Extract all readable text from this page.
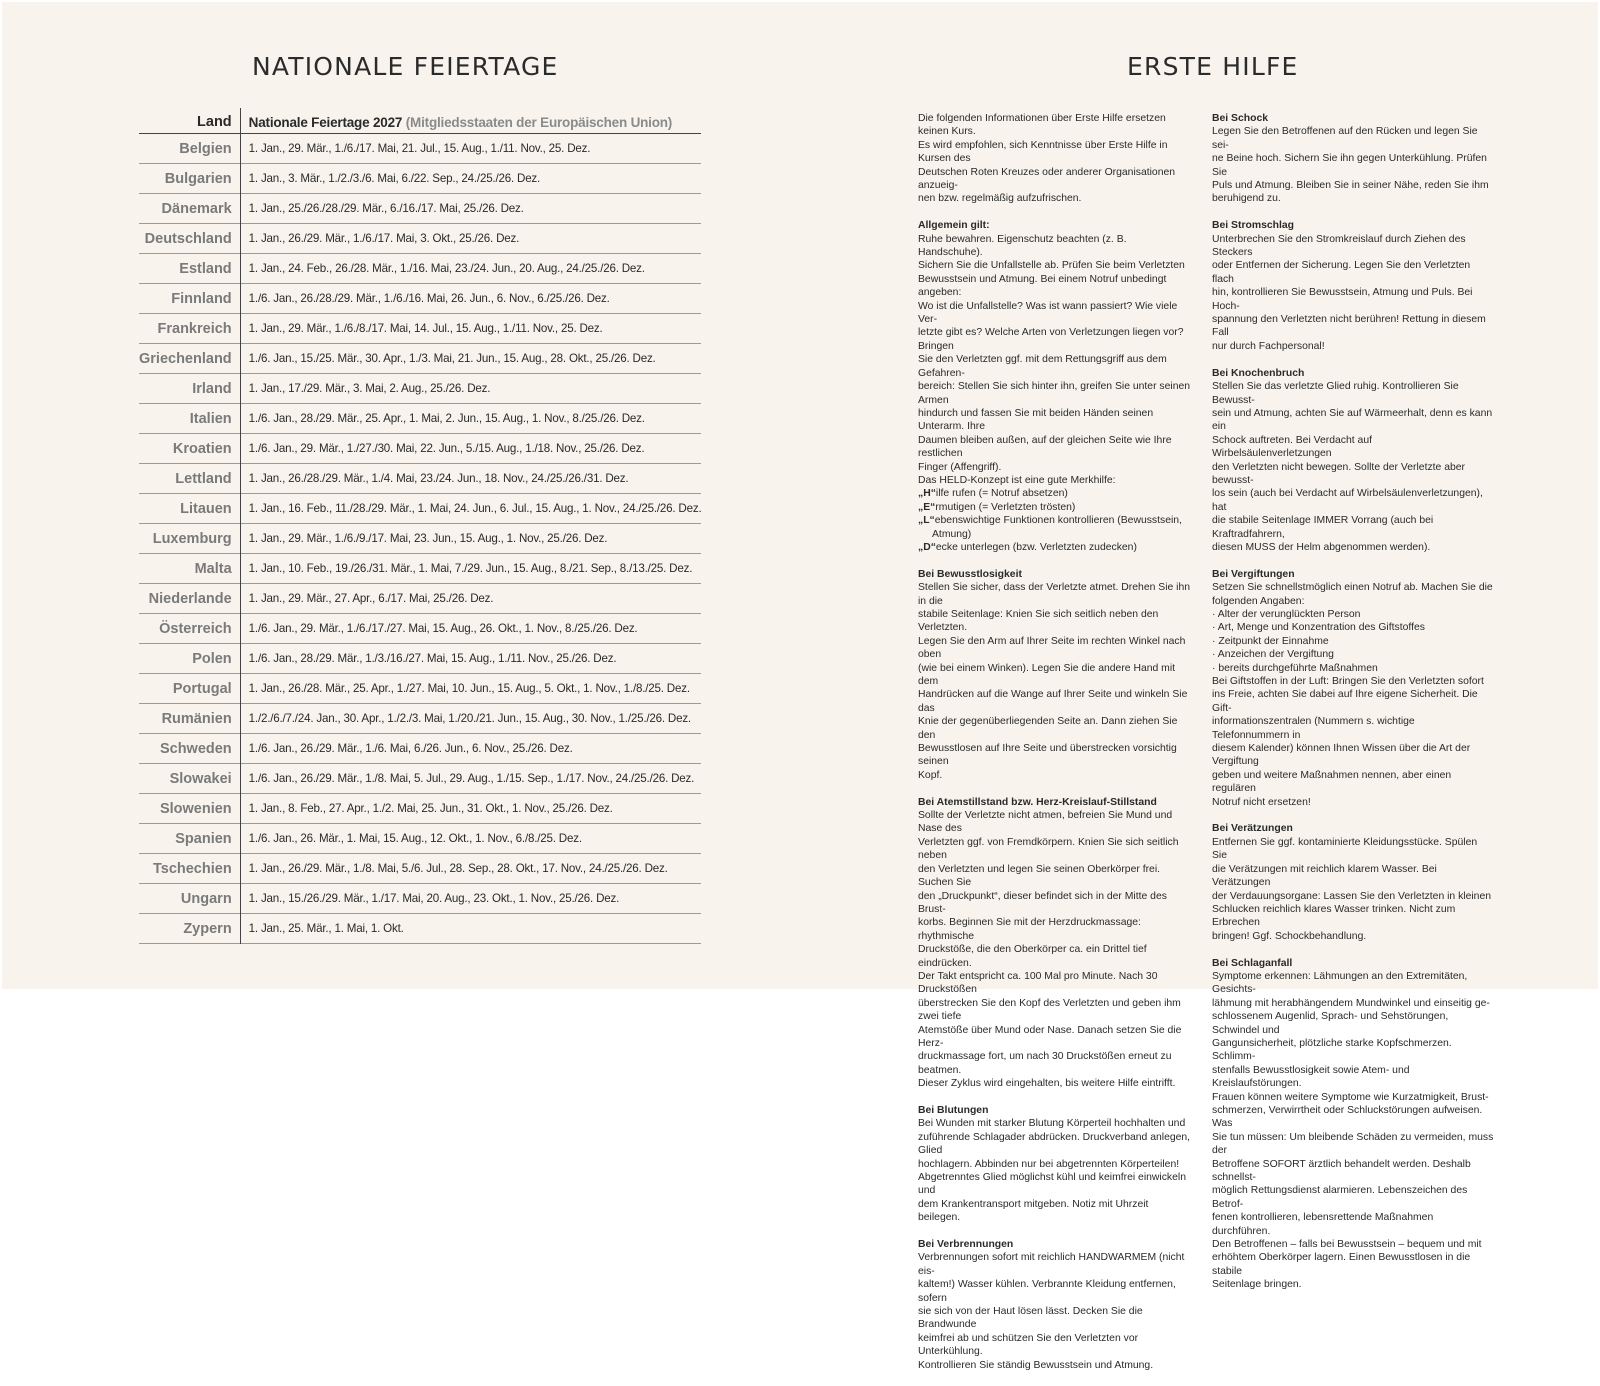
NATIONALE FEIERTAGE
Land	Nationale Feiertage 2027 (Mitgliedsstaaten der Europäischen Union)
Belgien	1. Jan., 29. Mär., 1./6./17. Mai, 21. Jul., 15. Aug., 1./11. Nov., 25. Dez.
Bulgarien	1. Jan., 3. Mär., 1./2./3./6. Mai, 6./22. Sep., 24./25./26. Dez.
Dänemark	1. Jan., 25./26./28./29. Mär., 6./16./17. Mai, 25./26. Dez.
Deutschland	1. Jan., 26./29. Mär., 1./6./17. Mai, 3. Okt., 25./26. Dez.
Estland	1. Jan., 24. Feb., 26./28. Mär., 1./16. Mai, 23./24. Jun., 20. Aug., 24./25./26. Dez.
Finnland	1./6. Jan., 26./28./29. Mär., 1./6./16. Mai, 26. Jun., 6. Nov., 6./25./26. Dez.
Frankreich	1. Jan., 29. Mär., 1./6./8./17. Mai, 14. Jul., 15. Aug., 1./11. Nov., 25. Dez.
Griechenland	1./6. Jan., 15./25. Mär., 30. Apr., 1./3. Mai, 21. Jun., 15. Aug., 28. Okt., 25./26. Dez.
Irland	1. Jan., 17./29. Mär., 3. Mai, 2. Aug., 25./26. Dez.
Italien	1./6. Jan., 28./29. Mär., 25. Apr., 1. Mai, 2. Jun., 15. Aug., 1. Nov., 8./25./26. Dez.
Kroatien	1./6. Jan., 29. Mär., 1./27./30. Mai, 22. Jun., 5./15. Aug., 1./18. Nov., 25./26. Dez.
Lettland	1. Jan., 26./28./29. Mär., 1./4. Mai, 23./24. Jun., 18. Nov., 24./25./26./31. Dez.
Litauen	1. Jan., 16. Feb., 11./28./29. Mär., 1. Mai, 24. Jun., 6. Jul., 15. Aug., 1. Nov., 24./25./26. Dez.
Luxemburg	1. Jan., 29. Mär., 1./6./9./17. Mai, 23. Jun., 15. Aug., 1. Nov., 25./26. Dez.
Malta	1. Jan., 10. Feb., 19./26./31. Mär., 1. Mai, 7./29. Jun., 15. Aug., 8./21. Sep., 8./13./25. Dez.
Niederlande	1. Jan., 29. Mär., 27. Apr., 6./17. Mai, 25./26. Dez.
Österreich	1./6. Jan., 29. Mär., 1./6./17./27. Mai, 15. Aug., 26. Okt., 1. Nov., 8./25./26. Dez.
Polen	1./6. Jan., 28./29. Mär., 1./3./16./27. Mai, 15. Aug., 1./11. Nov., 25./26. Dez.
Portugal	1. Jan., 26./28. Mär., 25. Apr., 1./27. Mai, 10. Jun., 15. Aug., 5. Okt., 1. Nov., 1./8./25. Dez.
Rumänien	1./2./6./7./24. Jan., 30. Apr., 1./2./3. Mai, 1./20./21. Jun., 15. Aug., 30. Nov., 1./25./26. Dez.
Schweden	1./6. Jan., 26./29. Mär., 1./6. Mai, 6./26. Jun., 6. Nov., 25./26. Dez.
Slowakei	1./6. Jan., 26./29. Mär., 1./8. Mai, 5. Jul., 29. Aug., 1./15. Sep., 1./17. Nov., 24./25./26. Dez.
Slowenien	1. Jan., 8. Feb., 27. Apr., 1./2. Mai, 25. Jun., 31. Okt., 1. Nov., 25./26. Dez.
Spanien	1./6. Jan., 26. Mär., 1. Mai, 15. Aug., 12. Okt., 1. Nov., 6./8./25. Dez.
Tschechien	1. Jan., 26./29. Mär., 1./8. Mai, 5./6. Jul., 28. Sep., 28. Okt., 17. Nov., 24./25./26. Dez.
Ungarn	1. Jan., 15./26./29. Mär., 1./17. Mai, 20. Aug., 23. Okt., 1. Nov., 25./26. Dez.
Zypern	1. Jan., 25. Mär., 1. Mai, 1. Okt.
ERSTE HILFE
Die folgenden Informationen über Erste Hilfe ersetzen keinen Kurs.
Es wird empfohlen, sich Kenntnisse über Erste Hilfe in Kursen des
Deutschen Roten Kreuzes oder anderer Organisationen anzueig-
nen bzw. regelmäßig aufzufrischen.
Allgemein gilt:
Ruhe bewahren. Eigenschutz beachten (z. B. Handschuhe).
Sichern Sie die Unfallstelle ab. Prüfen Sie beim Verletzten
Bewusstsein und Atmung. Bei einem Notruf unbedingt angeben:
Wo ist die Unfallstelle? Was ist wann passiert? Wie viele Ver-
letzte gibt es? Welche Arten von Verletzungen liegen vor? Bringen
Sie den Verletzten ggf. mit dem Rettungsgriff aus dem Gefahren-
bereich: Stellen Sie sich hinter ihn, greifen Sie unter seinen Armen
hindurch und fassen Sie mit beiden Händen seinen Unterarm. Ihre
Daumen bleiben außen, auf der gleichen Seite wie Ihre restlichen
Finger (Affengriff).
Das HELD-Konzept ist eine gute Merkhilfe:
„H“ilfe rufen (= Notruf absetzen)
„E“rmutigen (= Verletzten trösten)
„L“ebenswichtige Funktionen kontrollieren (Bewusstsein,
Atmung)
„D“ecke unterlegen (bzw. Verletzten zudecken)
Bei Bewusstlosigkeit
Stellen Sie sicher, dass der Verletzte atmet. Drehen Sie ihn in die
stabile Seitenlage: Knien Sie sich seitlich neben den Verletzten.
Legen Sie den Arm auf Ihrer Seite im rechten Winkel nach oben
(wie bei einem Winken). Legen Sie die andere Hand mit dem
Handrücken auf die Wange auf Ihrer Seite und winkeln Sie das
Knie der gegenüberliegenden Seite an. Dann ziehen Sie den
Bewusstlosen auf Ihre Seite und überstrecken vorsichtig seinen
Kopf.
Bei Atemstillstand bzw. Herz-Kreislauf-Stillstand
Sollte der Verletzte nicht atmen, befreien Sie Mund und Nase des
Verletzten ggf. von Fremdkörpern. Knien Sie sich seitlich neben
den Verletzten und legen Sie seinen Oberkörper frei. Suchen Sie
den „Druckpunkt“, dieser befindet sich in der Mitte des Brust-
korbs. Beginnen Sie mit der Herzdruckmassage: rhythmische
Druckstöße, die den Oberkörper ca. ein Drittel tief eindrücken.
Der Takt entspricht ca. 100 Mal pro Minute. Nach 30 Druckstößen
überstrecken Sie den Kopf des Verletzten und geben ihm zwei tiefe
Atemstöße über Mund oder Nase. Danach setzen Sie die Herz-
druckmassage fort, um nach 30 Druckstößen erneut zu beatmen.
Dieser Zyklus wird eingehalten, bis weitere Hilfe eintrifft.
Bei Blutungen
Bei Wunden mit starker Blutung Körperteil hochhalten und
zuführende Schlagader abdrücken. Druckverband anlegen, Glied
hochlagern. Abbinden nur bei abgetrennten Körperteilen!
Abgetrenntes Glied möglichst kühl und keimfrei einwickeln und
dem Krankentransport mitgeben. Notiz mit Uhrzeit beilegen.
Bei Verbrennungen
Verbrennungen sofort mit reichlich HANDWARMEM (nicht eis-
kaltem!) Wasser kühlen. Verbrannte Kleidung entfernen, sofern
sie sich von der Haut lösen lässt. Decken Sie die Brandwunde
keimfrei ab und schützen Sie den Verletzten vor Unterkühlung.
Kontrollieren Sie ständig Bewusstsein und Atmung.
Bei Schock
Legen Sie den Betroffenen auf den Rücken und legen Sie sei-
ne Beine hoch. Sichern Sie ihn gegen Unterkühlung. Prüfen Sie
Puls und Atmung. Bleiben Sie in seiner Nähe, reden Sie ihm
beruhigend zu.
Bei Stromschlag
Unterbrechen Sie den Stromkreislauf durch Ziehen des Steckers
oder Entfernen der Sicherung. Legen Sie den Verletzten flach
hin, kontrollieren Sie Bewusstsein, Atmung und Puls. Bei Hoch-
spannung den Verletzten nicht berühren! Rettung in diesem Fall
nur durch Fachpersonal!
Bei Knochenbruch
Stellen Sie das verletzte Glied ruhig. Kontrollieren Sie Bewusst-
sein und Atmung, achten Sie auf Wärmeerhalt, denn es kann ein
Schock auftreten. Bei Verdacht auf Wirbelsäulenverletzungen
den Verletzten nicht bewegen. Sollte der Verletzte aber bewusst-
los sein (auch bei Verdacht auf Wirbelsäulenverletzungen), hat
die stabile Seitenlage IMMER Vorrang (auch bei Kraftradfahrern,
diesen MUSS der Helm abgenommen werden).
Bei Vergiftungen
Setzen Sie schnellstmöglich einen Notruf ab. Machen Sie die
folgenden Angaben:
· Alter der verunglückten Person
· Art, Menge und Konzentration des Giftstoffes
· Zeitpunkt der Einnahme
· Anzeichen der Vergiftung
· bereits durchgeführte Maßnahmen
Bei Giftstoffen in der Luft: Bringen Sie den Verletzten sofort
ins Freie, achten Sie dabei auf Ihre eigene Sicherheit. Die Gift-
informationszentralen (Nummern s. wichtige Telefonnummern in
diesem Kalender) können Ihnen Wissen über die Art der Vergiftung
geben und weitere Maßnahmen nennen, aber einen regulären
Notruf nicht ersetzen!
Bei Verätzungen
Entfernen Sie ggf. kontaminierte Kleidungsstücke. Spülen Sie
die Verätzungen mit reichlich klarem Wasser. Bei Verätzungen
der Verdauungsorgane: Lassen Sie den Verletzten in kleinen
Schlucken reichlich klares Wasser trinken. Nicht zum Erbrechen
bringen! Ggf. Schockbehandlung.
Bei Schlaganfall
Symptome erkennen: Lähmungen an den Extremitäten, Gesichts-
lähmung mit herabhängendem Mundwinkel und einseitig ge-
schlossenem Augenlid, Sprach- und Sehstörungen, Schwindel und
Gangunsicherheit, plötzliche starke Kopfschmerzen. Schlimm-
stenfalls Bewusstlosigkeit sowie Atem- und Kreislaufstörungen.
Frauen können weitere Symptome wie Kurzatmigkeit, Brust-
schmerzen, Verwirrtheit oder Schluckstörungen aufweisen. Was
Sie tun müssen: Um bleibende Schäden zu vermeiden, muss der
Betroffene SOFORT ärztlich behandelt werden. Deshalb schnellst-
möglich Rettungsdienst alarmieren. Lebenszeichen des Betrof-
fenen kontrollieren, lebensrettende Maßnahmen durchführen.
Den Betroffenen – falls bei Bewusstsein – bequem und mit
erhöhtem Oberkörper lagern. Einen Bewusstlosen in die stabile
Seitenlage bringen.
